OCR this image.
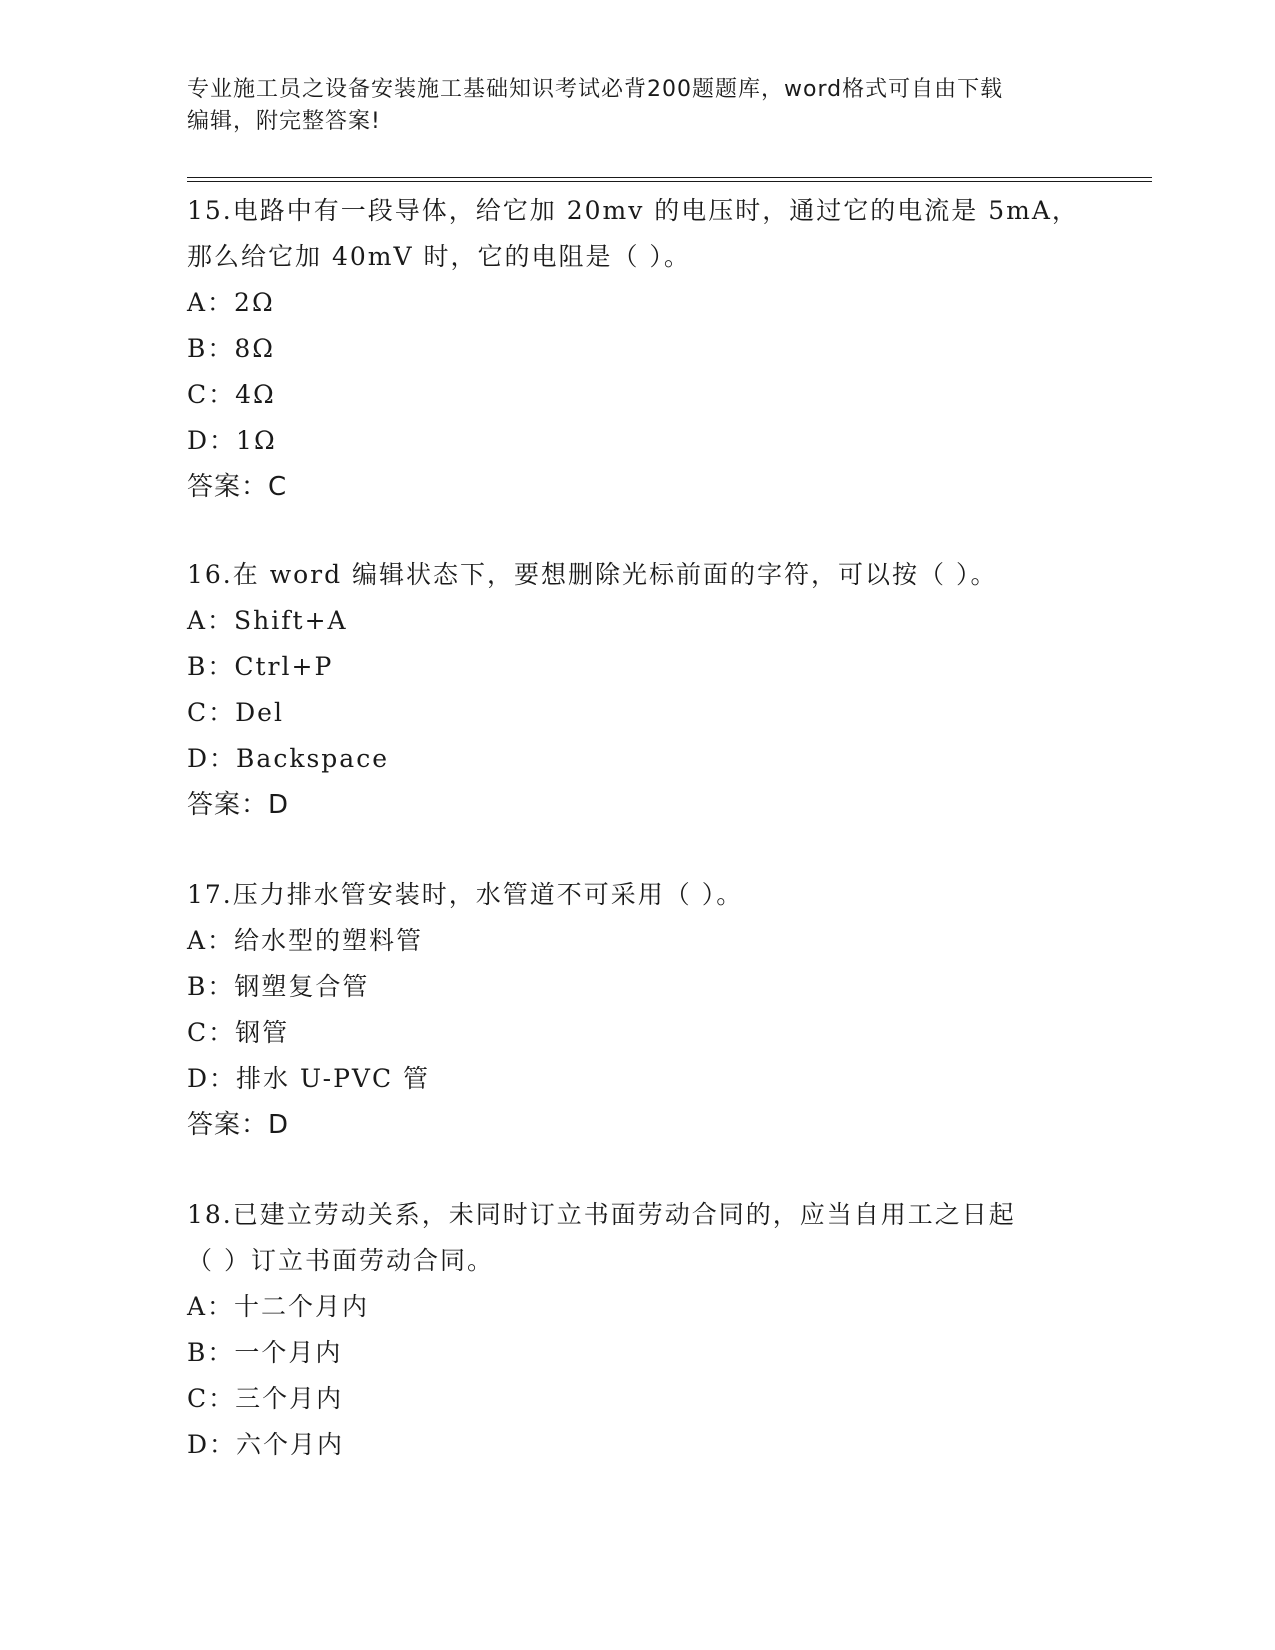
专业施工员之设备安装施工基础知识考试必背200题题库，word格式可自由下载
编辑，附完整答案!
15.电路中有一段导体，给它加 20mv 的电压时，通过它的电流是 5mA，
那么给它加 40mV 时，它的电阻是（ ）。
A：2Ω
B：8Ω
C：4Ω
D：1Ω
答案：C
16.在 word 编辑状态下，要想删除光标前面的字符，可以按（ ）。
A：Shift+A
B：Ctrl+P
C：Del
D：Backspace
答案：D
17.压力排水管安装时，水管道不可采用（ ）。
A：给水型的塑料管
B：钢塑复合管
C：钢管
D：排水 U-PVC 管
答案：D
18.已建立劳动关系，未同时订立书面劳动合同的，应当自用工之日起
（ ）订立书面劳动合同。
A：十二个月内
B：一个月内
C：三个月内
D：六个月内
